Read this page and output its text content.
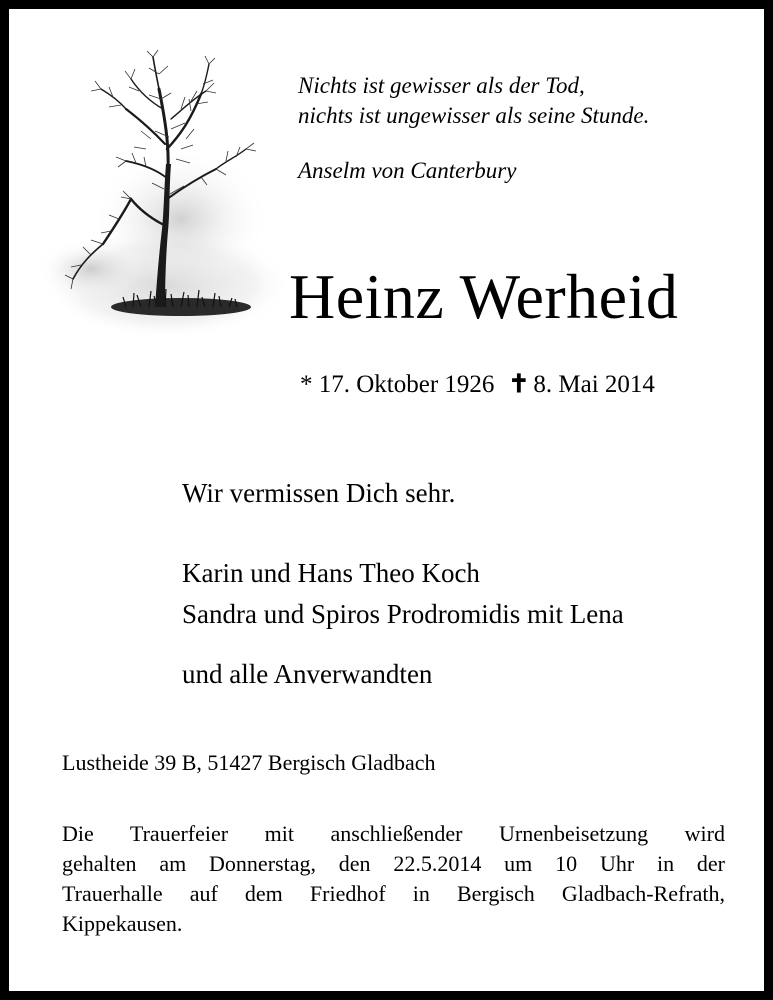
Nichts ist gewisser als der Tod,
nichts ist ungewisser als seine Stunde.
Anselm von Canterbury
Heinz Werheid
* 17. Oktober 1926 ✝ 8. Mai 2014
Wir vermissen Dich sehr.
Karin und Hans Theo Koch
Sandra und Spiros Prodromidis mit Lena
und alle Anverwandten
Lustheide 39 B, 51427 Bergisch Gladbach
Die Trauerfeier mit anschließender Urnenbeisetzung wird
gehalten am Donnerstag, den 22.5.2014 um 10 Uhr in der
Trauerhalle auf dem Friedhof in Bergisch Gladbach-Refrath,
Kippekausen.
